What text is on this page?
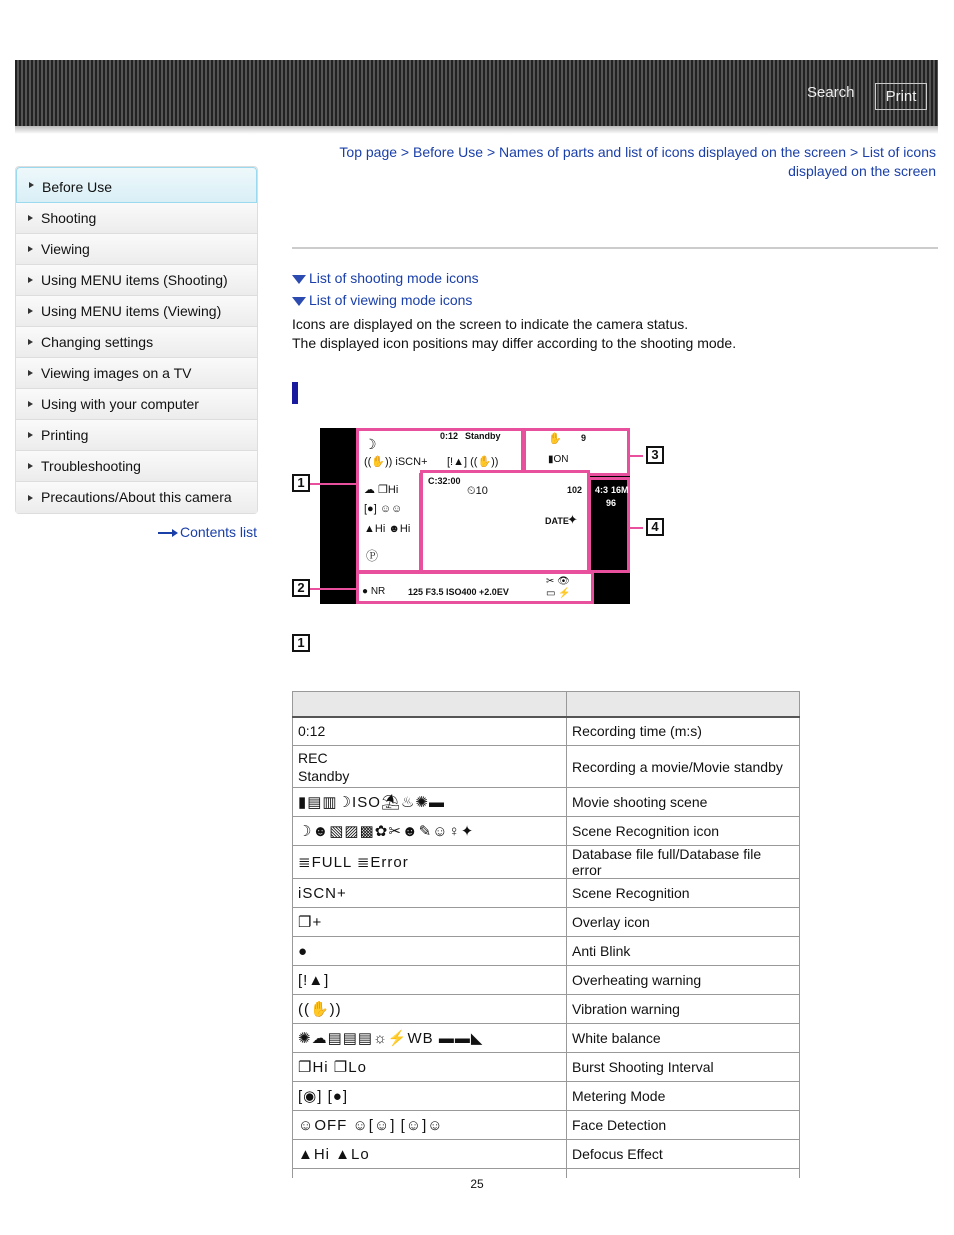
Search	Print
Before Use
Shooting
Viewing
Using MENU items (Shooting)
Using MENU items (Viewing)
Changing settings
Viewing images on a TV
Using with your computer
Printing
Troubleshooting
Precautions/About this camera
Contents list
Top page > Before Use > Names of parts and list of icons displayed on the screen > List of icons
displayed on the screen
List of shooting mode icons
List of viewing mode icons
Icons are displayed on the screen to indicate the camera status.
The displayed icon positions may differ according to the shooting mode.
1
2
3
4
0:12 Standby
☽
((✋)) iSCN+ [!▲] ((✋))
✋ 9
▮ON
▭▭
▭
C:32:00
⏲10	102 4:3 16M
96
DATE
✦
☁ ❐Hi
[●] ☺☺
▲Hi ☻Hi
Ⓟ
● NR	125 F3.5 ISO400 +2.0EV
✂ 👁
▭ ⚡
1

0:12	Recording time (m:s)

REC
Standby	Recording a movie/Movie standby
▮▤▥☽ISO⛱♨✺▬	Movie shooting scene
☽☻▧▨▩✿✂☻✎☺♀✦	Scene Recognition icon
≣FULL ≣Error	Database file full/Database file error
iSCN+	Scene Recognition
❐+	Overlay icon
●	Anti Blink
[!▲]	Overheating warning
((✋))	Vibration warning
✺☁▤▤▤☼⚡WB ▬▬◣	White balance
❐Hi ❐Lo	Burst Shooting Interval
[◉] [●]	Metering Mode
☺OFF ☺[☺] [☺]☺	Face Detection
▲Hi ▲Lo	Defocus Effect

25
